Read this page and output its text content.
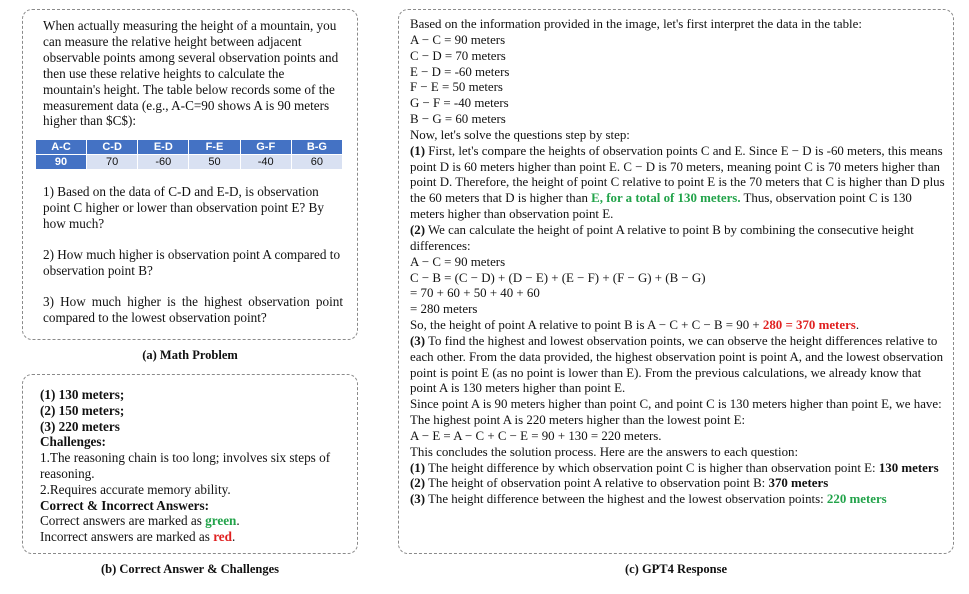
When actually measuring the height of a mountain, you can measure the relative height between adjacent observable points among several observation points and then use these relative heights to calculate the mountain's height. The table below records some of the measurement data (e.g., A-C=90 shows A is 90 meters higher than $C$):

A-C	C-D	E-D	F-E	G-F	B-G
90	70	-60	50	-40	60

1) Based on the data of C-D and E-D, is observation point C higher or lower than observation point E? By how much?

2) How much higher is observation point A compared to observation point B?

3) How much higher is the highest observation point compared to the lowest observation point?

(a) Math Problem

(1) 130 meters;

(2) 150 meters;

(3) 220 meters

Challenges:

1.The reasoning chain is too long; involves six steps of reasoning.

2.Requires accurate memory ability.

Correct & Incorrect Answers:

Correct answers are marked as green.

Incorrect answers are marked as red.

(b) Correct Answer & Challenges

Based on the information provided in the image, let's first interpret the data in the table:

A − C = 90 meters

C − D = 70 meters

E − D = -60 meters

F − E = 50 meters

G − F = -40 meters

B − G = 60 meters

Now, let's solve the questions step by step:

(1) First, let's compare the heights of observation points C and E. Since E − D is -60 meters, this means point D is 60 meters higher than point E. C − D is 70 meters, meaning point C is 70 meters higher than point D. Therefore, the height of point C relative to point E is the 70 meters that C is higher than D plus the 60 meters that D is higher than E, for a total of 130 meters. Thus, observation point C is 130 meters higher than observation point E.

(2) We can calculate the height of point A relative to point B by combining the consecutive height differences:

A − C = 90 meters

C − B = (C − D) + (D − E) + (E − F) + (F − G) + (B − G)

= 70 + 60 + 50 + 40 + 60

= 280 meters

So, the height of point A relative to point B is A − C + C − B = 90 + 280 = 370 meters.

(3) To find the highest and lowest observation points, we can observe the height differences relative to each other. From the data provided, the highest observation point is point A, and the lowest observation point is point E (as no point is lower than E). From the previous calculations, we already know that point A is 130 meters higher than point E.

Since point A is 90 meters higher than point C, and point C is 130 meters higher than point E, we have:

The highest point A is 220 meters higher than the lowest point E:

A − E = A − C + C − E = 90 + 130 = 220 meters.

This concludes the solution process. Here are the answers to each question:

(1) The height difference by which observation point C is higher than observation point E: 130 meters

(2) The height of observation point A relative to observation point B: 370 meters

(3) The height difference between the highest and the lowest observation points: 220 meters

(c) GPT4 Response
